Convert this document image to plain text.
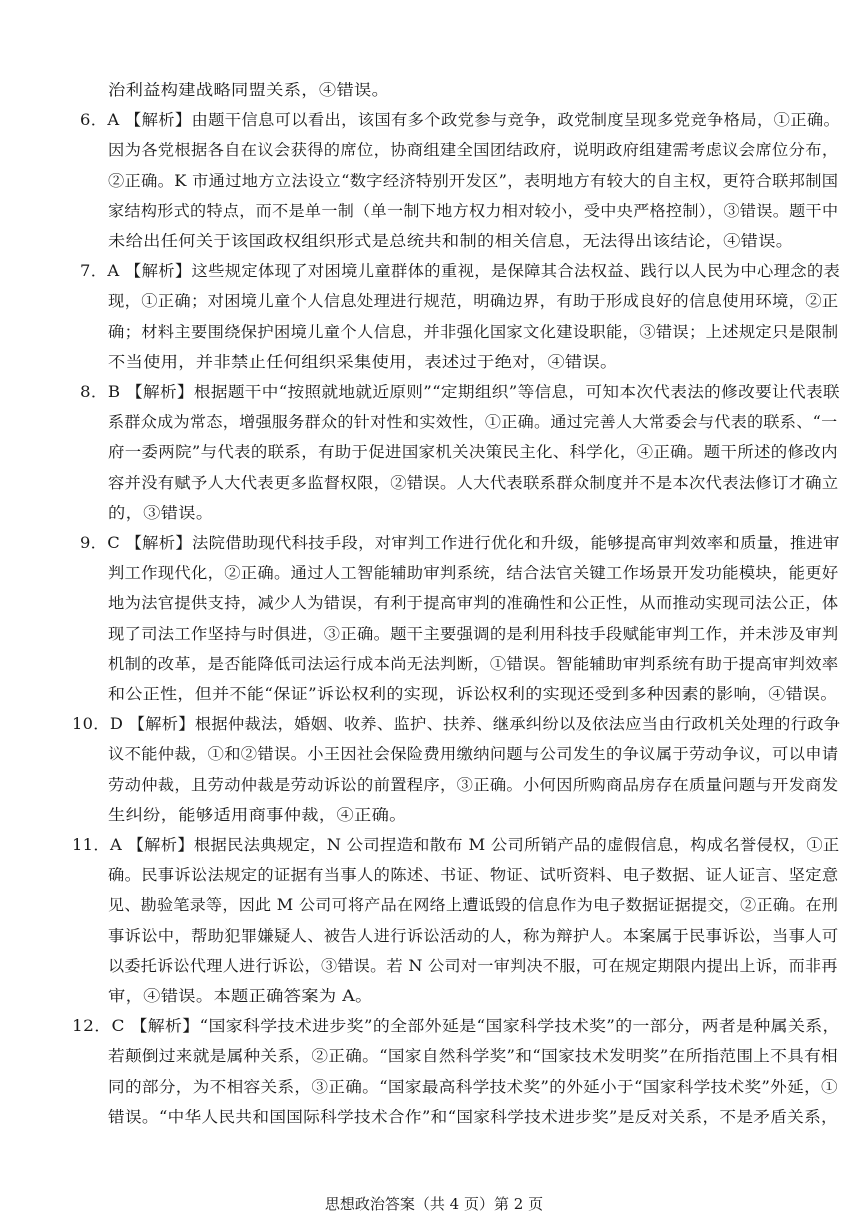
治利益构建战略同盟关系，④错误。
6．A 【解析】由题干信息可以看出，该国有多个政党参与竞争，政党制度呈现多党竞争格局，①正确。
因为各党根据各自在议会获得的席位，协商组建全国团结政府，说明政府组建需考虑议会席位分布，
②正确。K 市通过地方立法设立“数字经济特别开发区”，表明地方有较大的自主权，更符合联邦制国
家结构形式的特点，而不是单一制（单一制下地方权力相对较小，受中央严格控制），③错误。题干中
未给出任何关于该国政权组织形式是总统共和制的相关信息，无法得出该结论，④错误。
7．A 【解析】这些规定体现了对困境儿童群体的重视，是保障其合法权益、践行以人民为中心理念的表
现，①正确；对困境儿童个人信息处理进行规范，明确边界，有助于形成良好的信息使用环境，②正
确；材料主要围绕保护困境儿童个人信息，并非强化国家文化建设职能，③错误；上述规定只是限制
不当使用，并非禁止任何组织采集使用，表述过于绝对，④错误。
8．B 【解析】根据题干中“按照就地就近原则”“定期组织”等信息，可知本次代表法的修改要让代表联
系群众成为常态，增强服务群众的针对性和实效性，①正确。通过完善人大常委会与代表的联系、“一
府一委两院”与代表的联系，有助于促进国家机关决策民主化、科学化，④正确。题干所述的修改内
容并没有赋予人大代表更多监督权限，②错误。人大代表联系群众制度并不是本次代表法修订才确立
的，③错误。
9．C 【解析】法院借助现代科技手段，对审判工作进行优化和升级，能够提高审判效率和质量，推进审
判工作现代化，②正确。通过人工智能辅助审判系统，结合法官关键工作场景开发功能模块，能更好
地为法官提供支持，减少人为错误，有利于提高审判的准确性和公正性，从而推动实现司法公正，体
现了司法工作坚持与时俱进，③正确。题干主要强调的是利用科技手段赋能审判工作，并未涉及审判
机制的改革，是否能降低司法运行成本尚无法判断，①错误。智能辅助审判系统有助于提高审判效率
和公正性，但并不能“保证”诉讼权利的实现，诉讼权利的实现还受到多种因素的影响，④错误。
10．D 【解析】根据仲裁法，婚姻、收养、监护、扶养、继承纠纷以及依法应当由行政机关处理的行政争
议不能仲裁，①和②错误。小王因社会保险费用缴纳问题与公司发生的争议属于劳动争议，可以申请
劳动仲裁，且劳动仲裁是劳动诉讼的前置程序，③正确。小何因所购商品房存在质量问题与开发商发
生纠纷，能够适用商事仲裁，④正确。
11．A 【解析】根据民法典规定，N 公司捏造和散布 M 公司所销产品的虚假信息，构成名誉侵权，①正
确。民事诉讼法规定的证据有当事人的陈述、书证、物证、试听资料、电子数据、证人证言、坚定意
见、勘验笔录等，因此 M 公司可将产品在网络上遭诋毁的信息作为电子数据证据提交，②正确。在刑
事诉讼中，帮助犯罪嫌疑人、被告人进行诉讼活动的人，称为辩护人。本案属于民事诉讼，当事人可
以委托诉讼代理人进行诉讼，③错误。若 N 公司对一审判决不服，可在规定期限内提出上诉，而非再
审，④错误。本题正确答案为 A。
12．C 【解析】“国家科学技术进步奖”的全部外延是“国家科学技术奖”的一部分，两者是种属关系，
若颠倒过来就是属种关系，②正确。“国家自然科学奖”和“国家技术发明奖”在所指范围上不具有相
同的部分，为不相容关系，③正确。“国家最高科学技术奖”的外延小于“国家科学技术奖”外延，①
错误。“中华人民共和国国际科学技术合作”和“国家科学技术进步奖”是反对关系，不是矛盾关系，
思想政治答案（共 4 页）第 2 页
